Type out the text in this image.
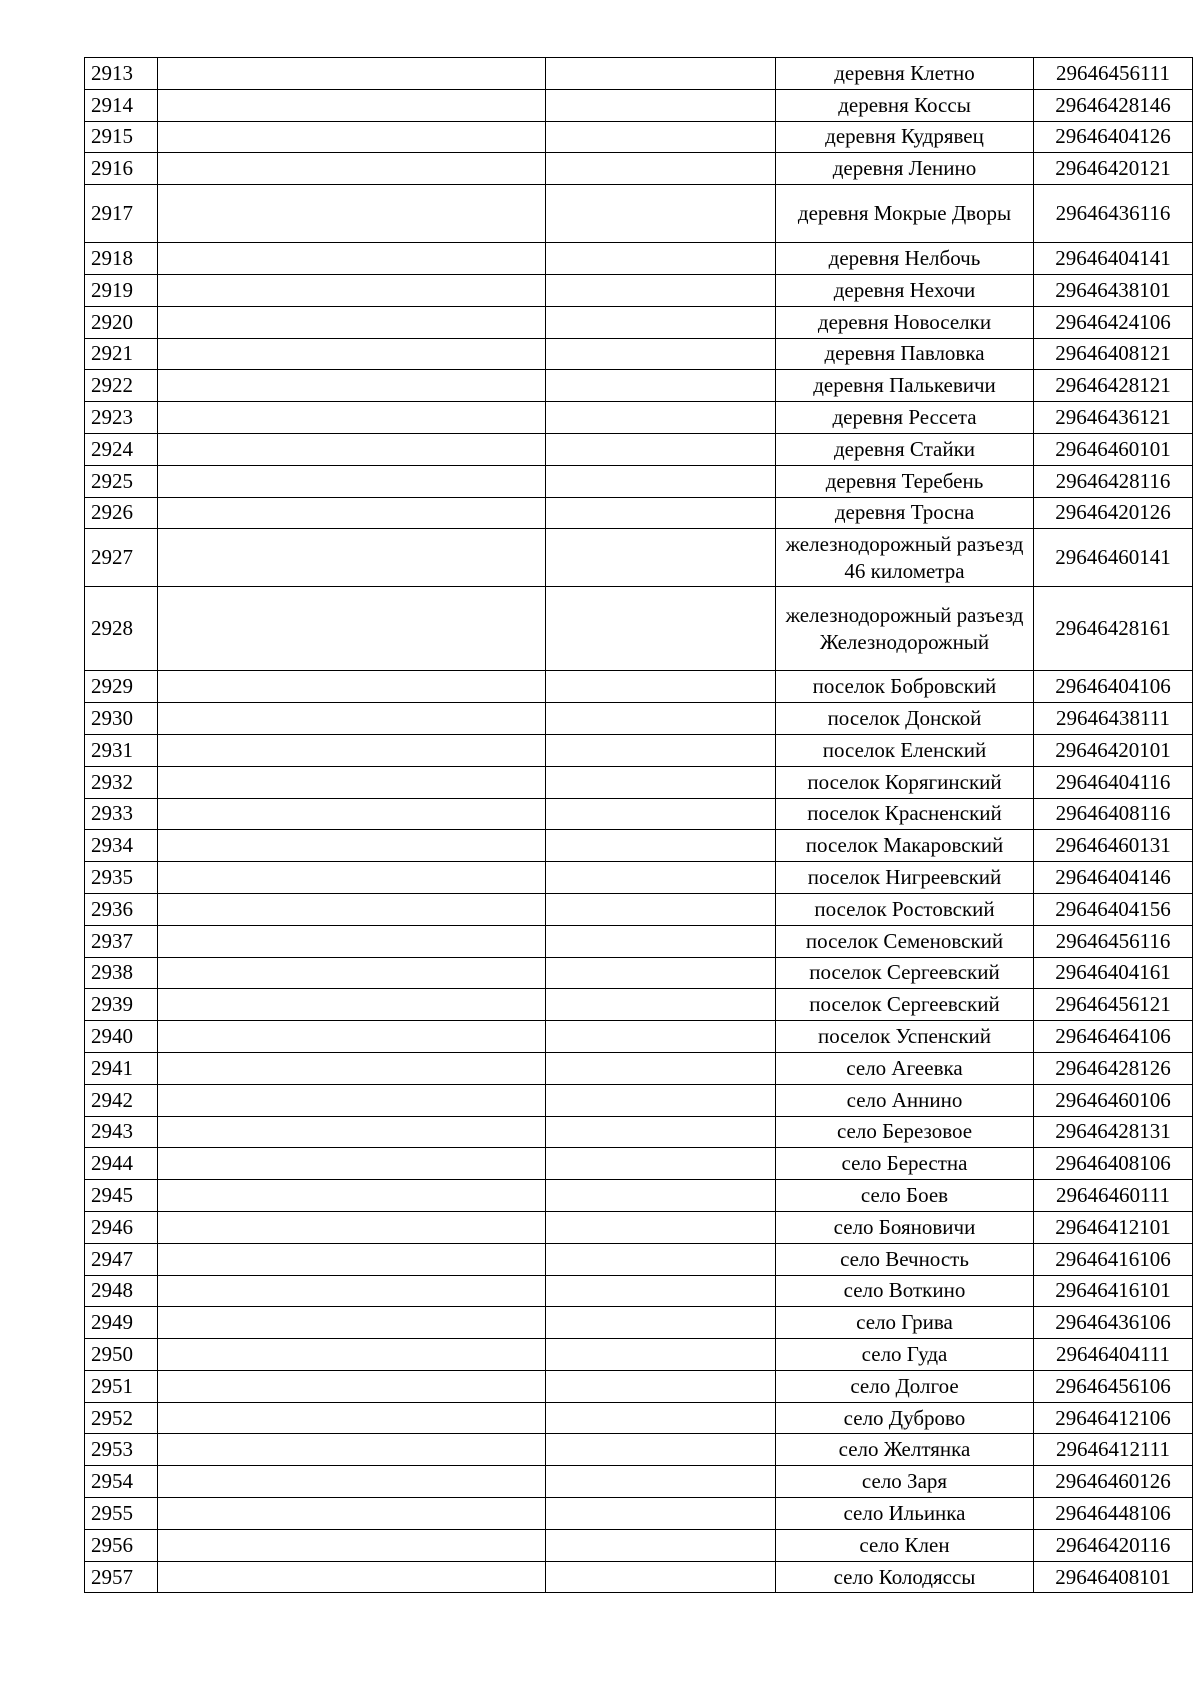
2913			деревня Клетно	29646456111
2914			деревня Коссы	29646428146
2915			деревня Кудрявец	29646404126
2916			деревня Ленино	29646420121
2917			деревня Мокрые Дворы	29646436116
2918			деревня Нелбочь	29646404141
2919			деревня Нехочи	29646438101
2920			деревня Новоселки	29646424106
2921			деревня Павловка	29646408121
2922			деревня Палькевичи	29646428121
2923			деревня Рессета	29646436121
2924			деревня Стайки	29646460101
2925			деревня Теребень	29646428116
2926			деревня Тросна	29646420126
2927			железнодорожный разъезд 46 километра	29646460141
2928			железнодорожный разъезд Железнодорожный	29646428161
2929			поселок Бобровский	29646404106
2930			поселок Донской	29646438111
2931			поселок Еленский	29646420101
2932			поселок Корягинский	29646404116
2933			поселок Красненский	29646408116
2934			поселок Макаровский	29646460131
2935			поселок Нигреевский	29646404146
2936			поселок Ростовский	29646404156
2937			поселок Семеновский	29646456116
2938			поселок Сергеевский	29646404161
2939			поселок Сергеевский	29646456121
2940			поселок Успенский	29646464106
2941			село Агеевка	29646428126
2942			село Аннино	29646460106
2943			село Березовое	29646428131
2944			село Берестна	29646408106
2945			село Боев	29646460111
2946			село Бояновичи	29646412101
2947			село Вечность	29646416106
2948			село Воткино	29646416101
2949			село Грива	29646436106
2950			село Гуда	29646404111
2951			село Долгое	29646456106
2952			село Дуброво	29646412106
2953			село Желтянка	29646412111
2954			село Заря	29646460126
2955			село Ильинка	29646448106
2956			село Клен	29646420116
2957			село Колодяссы	29646408101
